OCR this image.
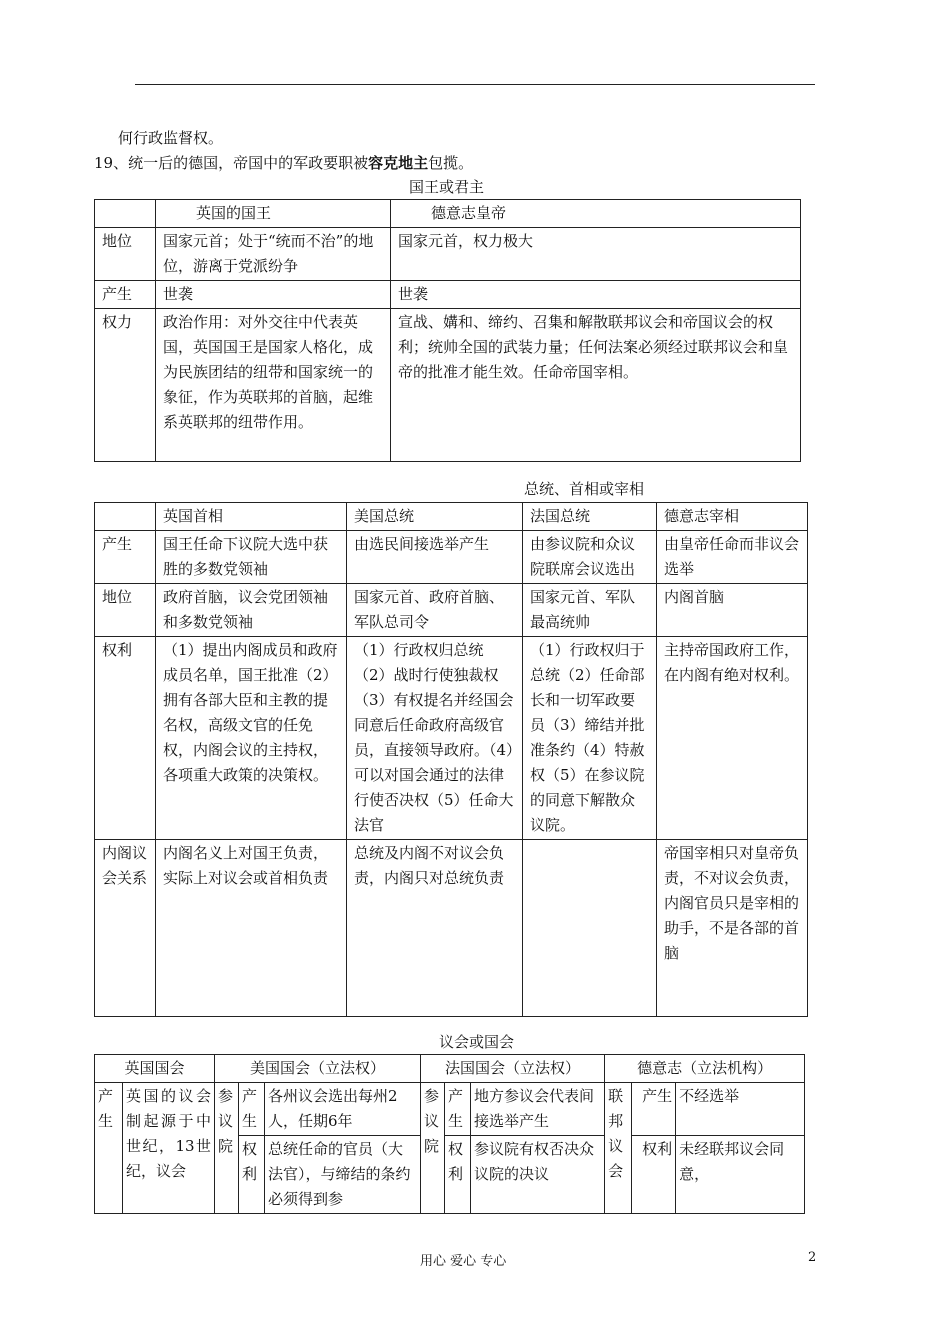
何行政监督权。
19、统一后的德国，帝国中的军政要职被容克地主包揽。
国王或君主
	英国的国王	德意志皇帝
地位	国家元首；处于“统而不治”的地位，游离于党派纷争	国家元首，权力极大
产生	世袭	世袭
权力	政治作用：对外交往中代表英国，英国国王是国家人格化，成为民族团结的纽带和国家统一的象征，作为英联邦的首脑，起维系英联邦的纽带作用。	宣战、媾和、缔约、召集和解散联邦议会和帝国议会的权利；统帅全国的武装力量；任何法案必须经过联邦议会和皇帝的批准才能生效。任命帝国宰相。
总统、首相或宰相
	英国首相	美国总统	法国总统	德意志宰相
产生	国王任命下议院大选中获胜的多数党领袖	由选民间接选举产生	由参议院和众议院联席会议选出	由皇帝任命而非议会选举
地位	政府首脑，议会党团领袖和多数党领袖	国家元首、政府首脑、军队总司令	国家元首、军队最高统帅	内阁首脑
权利	（1）提出内阁成员和政府成员名单，国王批准（2）拥有各部大臣和主教的提名权，高级文官的任免权，内阁会议的主持权，各项重大政策的决策权。	（1）行政权归总统（2）战时行使独裁权（3）有权提名并经国会同意后任命政府高级官员，直接领导政府。（4）可以对国会通过的法律行使否决权（5）任命大法官	（1）行政权归于总统（2）任命部长和一切军政要员（3）缔结并批准条约（4）特赦权（5）在参议院的同意下解散众议院。	主持帝国政府工作，在内阁有绝对权利。
内阁议会关系	内阁名义上对国王负责，实际上对议会或首相负责	总统及内阁不对议会负责，内阁只对总统负责		帝国宰相只对皇帝负责，不对议会负责，内阁官员只是宰相的助手，不是各部的首脑
议会或国会
英国国会		美国国会（立法权）			法国国会（立法权）			德意志（立法机构）		
产生	英国的议会制起源于中世纪，13世纪，议会	参议院	产生	各州议会选出每州2人，任期6年	参议院	产生	地方参议会代表间接选举产生	联邦议会	产生	不经选举
			权利	总统任命的官员（大法官），与缔结的条约必须得到参		权利	参议院有权否决众议院的决议		权利	未经联邦议会同意，
用心 爱心 专心	2
